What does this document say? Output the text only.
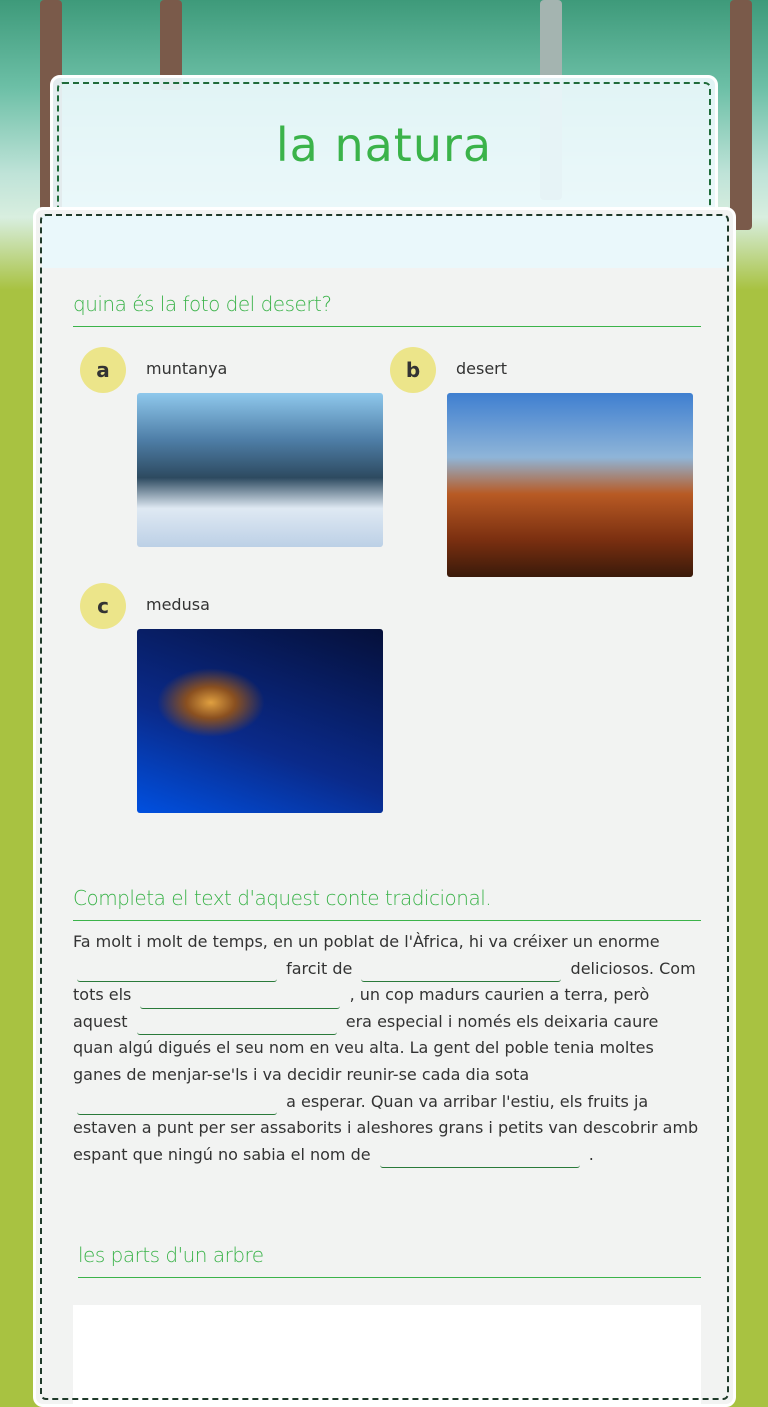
la natura
quina és la foto del desert?
a	muntanya	b	desert
c	medusa
Completa el text d'aquest conte tradicional.

Fa molt i molt de temps, en un poblat de l'Àfrica, hi va créixer un enorme  farcit de	deliciosos. Com tots els	, un cop madurs caurien a terra, però aquest	era especial i només els deixaria caure quan algú digués el seu nom en veu alta. La gent del poble tenia moltes ganes de menjar-se'ls i va decidir reunir-se cada dia sota  a esperar. Quan va arribar l'estiu, els fruits ja estaven a punt per ser assaborits i aleshores grans i petits van descobrir amb espant que ningú no sabia el nom de	.

les parts d'un arbre
